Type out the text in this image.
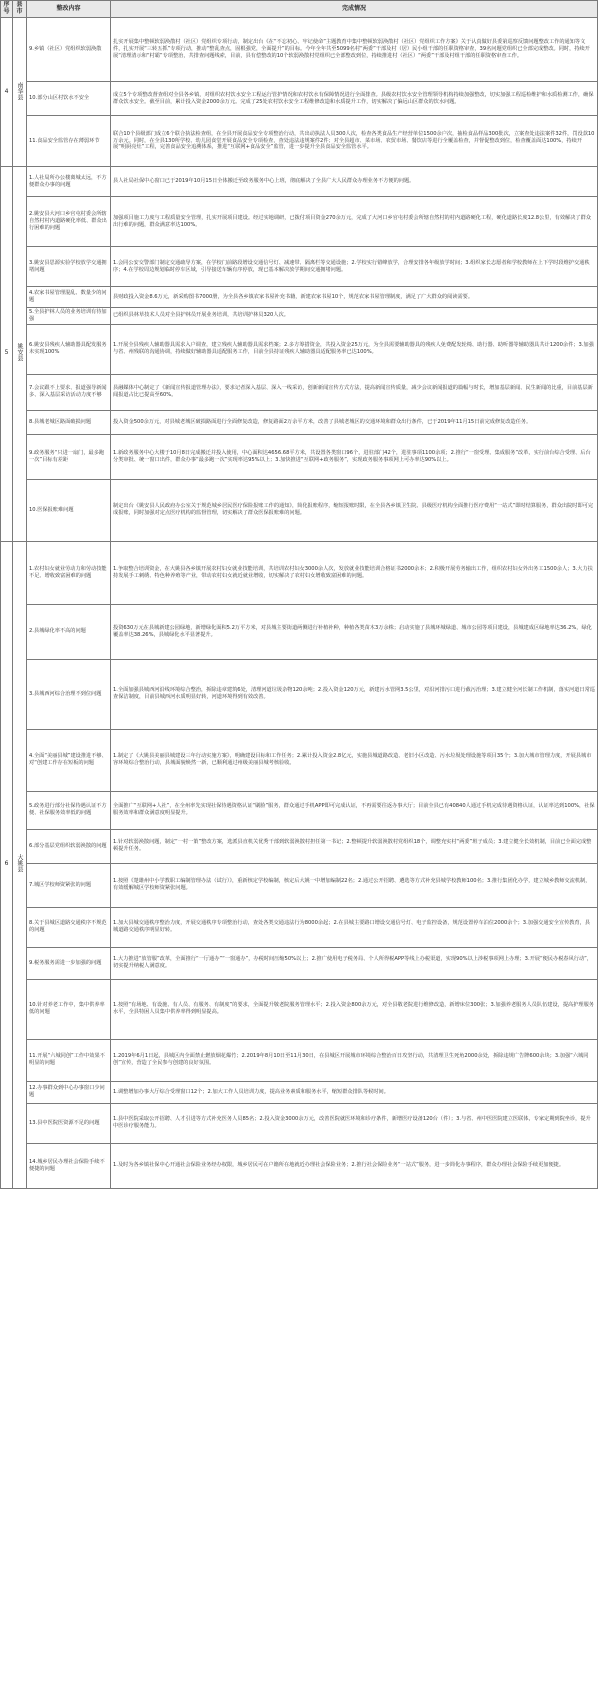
序号	县市	整改内容	完成情况
4	南华县	9.乡镇（社区）党组织软弱涣散	扎实开展集中整顿软弱涣散村（社区）党组织专项行动，制定出台《在“不忘初心、牢记使命”主题教育中集中整顿软弱涣散村（社区）党组织工作方案》关于认真做好县委第巡察反馈问题整改工作的通知等文件，扎实开展“三转五抓”专项行动，推动“整乱查点，固根强党，全面提升”的目标。今年全年共至5099名村“两委”干部及村（居）民小组干部的任职资格审查，39名问题党组织已全部完成整改。同时，持续开展“清理清示和“村霸”专项整治，共排查问题线索，目前，县有偿整改的10个软弱涣散村党组织已全部整改到位，持续推进村（社区）“两委”干部及村组干部的任职资格审查工作。
		10.部分山区村饮水不安全	成立5个专项整改督查组对全县各乡镇，对组织农村饮水安全工程运行管护情况和农村饮水有保障情况进行全面排查。县级农村饮水安全管理领导机构持续加强整改，切实加强工程巡检维护和水质检测工作，确保群众饮水安全。截至目前，累计投入资金2000余万元。完成了25处农村饮水安全工程维修改造和水质提升工作，切实解决了偏远山区群众的饮水问题。
		11.食品安全监管存在薄弱环节	联合10个县级部门成立6个联合执法检查组，在全县开展食品安全专项整治行动，共出动执法人员300人次，检查各类食品生产经营单位1500余户次，抽检食品样品300批次，立案查处违法案件32件，罚没款10万余元。同时，在全县130所学校、幼儿园食堂开展食品安全专项检查，查处违法违规案件2件；对全县超市、菜市场、农贸市场、餐饮店等进行全覆盖检查，并督促整改到位，检查覆盖面达100%，持续开展“明厨亮灶”工程，完善食品安全追溯体系，推进“互联网+食品安全”监管，进一步提升全县食品安全监管水平。
5	姚安县	1.人社局所办公楼离城太远，不方便群众办事的问题	县人社局社保中心窗口已于2019年10月15日全体搬迁至政务服务中心上班，彻底解决了全县广大人民群众办理业务不方便的问题。
		2.姚安县大河口乡官屯村委会所辖自然村村内道路硬化率低、群众出行困难的问题	加强项目施工力度与工程质量安全管理，扎实开展项目建设。经过实地调研，已拨付项目资金270余万元，完成了大河口乡官屯村委会所辖自然村的村内道路硬化工程，硬化道路长度12.8公里，有效解决了群众出行难的问题，群众满意率达100%。
		3.姚安县思源实验学校放学交通拥堵问题	1.会同公安交警部门制定交通疏导方案，在学校门前路段增设交通信号灯、减速带、隔离栏等交通设施；2.学校实行错峰放学，合理安排各年级放学时间；3.组织家长志愿者和学校教师在上下学时段维护交通秩序；4.在学校周边规划临时停车区域，引导接送车辆有序停放，现已基本解决放学期间交通拥堵问题。
		4.农家书屋管理混乱、数量少的问题	县财政投入资金8.6万元，新采购图书7000册，为全县各乡镇农家书屋补充书籍，新建农家书屋10个，规范农家书屋管理制度，满足了广大群众的阅读需要。
		5.全县护林人员的业务培训有待加强	已组织县林草技术人员对全县护林员开展业务培训，共培训护林员320人次。
		6.姚安县残疾人辅助器具配发服务未实现100%	1.开展全县残疾人辅助器具需求入户调查，建立残疾人辅助器具需求档案；2.多方筹措资金，共投入资金25万元，为全县需要辅助器具的残疾人免费配发轮椅、助行器、助听器等辅助器具共计1200余件；3.加强与省、州残联的沟通协调，持续做好辅助器具适配服务工作，目前全县持证残疾人辅助器具适配服务率已达100%。
		7.会议跟不上要求、报道强导新闻多、深入基层采访活动力度不够	县融媒体中心制定了《新闻宣传报道管理办法》，要求记者深入基层、深入一线采访，创新新闻宣传方式方法，提高新闻宣传质量，减少会议新闻报道的篇幅与时长，增加基层新闻、民生新闻的比重，目前基层新闻报道占比已提高至60%。
		8.县城老城区路面破损问题	投入资金500余万元，对县城老城区破损路面进行全面修复改造，修复路面2万余平方米，改善了县城老城区的交通环境和群众出行条件，已于2019年11月15日前完成修复改造任务。
		9.政务服务“只进一扇门，最多跑一次”目标有差距	1.新政务服务中心大楼于10月8日完成搬迁并投入使用，中心面积达4656.68平方米，共设置各类窗口96个，进驻部门42个，进驻事项1100余项；2.推行“一窗受理、集成服务”改革，实行前台综合受理、后台分类审批、统一窗口出件，群众办事“最多跑一次”实现率达95%以上；3.加快推进“互联网+政务服务”，实现政务服务事项网上可办率达90%以上。
		10.医保报账难问题	制定出台《姚安县人民政府办公室关于规范城乡居民医疗保险报账工作的通知》，简化报账程序，缩短报账时限，在全县各乡镇卫生院、县级医疗机构全面推行医疗费用“一站式”即时结算服务，群众出院时即可完成报账，同时加强对定点医疗机构的监督管理，切实解决了群众医保报账难的问题。
6	大姚县	1.农村妇女就业劳动力和劳动技能不足、增收致富困难的问题	1.争取整合培训资金，在大姚县各乡镇开展农村妇女就业技能培训，共培训农村妇女3000余人次，发放就业技能培训合格证书2000余本；2.积极开展劳务输出工作，组织农村妇女外出务工1500余人；3.大力扶持发展手工刺绣、特色种养殖等产业，带动农村妇女就近就业增收，切实解决了农村妇女增收致富困难的问题。
		2.县城绿化率不高的问题	投资630万元在县城新建公园绿地，新增绿化面积5.2万平方米，对县城主要街道两侧进行补植补种，种植各类苗木3万余株；启动实施了县城环城绿道、城市公园等项目建设，县城建成区绿地率达36.2%，绿化覆盖率达38.26%，县城绿化水平显著提升。
		3.县城西河综合治理不到位问题	1.全面加强县城西河沿线环境综合整治，拆除违章建筑6处，清理河道垃圾杂物120余吨；2.投入资金120万元，新建污水管网3.5公里，对沿河排污口进行截污治理；3.建立健全河长制工作机制，落实河道日常巡查保洁制度，目前县城西河水质明显好转，河道环境得到有效改善。
		4.全面“美丽县城”建设推进不够、对“创建工作存在短板的问题	1.制定了《大姚县美丽县城建设三年行动实施方案》，明确建设目标和工作任务；2.累计投入资金2.8亿元，实施县城道路改造、老旧小区改造、污水垃圾处理设施等项目35个；3.加大城市管理力度，开展县城市容环境综合整治行动，县城面貌焕然一新，已顺利通过州级美丽县城考核验收。
		5.政务进行部分社保待遇认证不方便、社保服务效率低的问题	全面推广“互联网+人社”，在全州率先实现社保待遇资格认证“刷脸”服务，群众通过手机APP即可完成认证，不再需要往返办事大厅；目前全县已有40840人通过手机完成待遇资格认证，认证率达到100%，社保服务效率和群众满意度明显提升。
		6.部分基层党组织软弱涣散的问题	1.针对软弱涣散问题，制定“一村一策”整改方案，选派县直机关优秀干部到软弱涣散村担任第一书记；2.整顿提升软弱涣散村党组织18个，调整充实村“两委”班子成员；3.建立健全长效机制，目前已全面完成整顿提升任务。
		7.城区学校师资紧张的问题	1.按照《楚雄州中小学教职工编制管理办法（试行）》，重新核定学校编制，核定后大姚一中增加编制22名；2.通过公开招聘、遴选等方式补充县城学校教师100名；3.推行集团化办学，建立城乡教师交流机制，有效缓解城区学校师资紧张问题。
		8.关于县城区道路交通秩序不规范的问题	1.加大县城交通秩序整治力度，开展交通秩序专项整治行动，查处各类交通违法行为8000余起；2.在县城主要路口增设交通信号灯、电子监控设备，规范设置停车泊位2000余个；3.加强交通安全宣传教育，县城道路交通秩序明显好转。
		9.税务服务需进一步加强的问题	1.大力推进“放管服”改革，全面推行“一厅通办”“一窗通办”，办税时间压缩50%以上；2.推广使用电子税务局、个人所得税APP等线上办税渠道，实现90%以上涉税事项网上办理；3.开展“便民办税春风行动”，切实提升纳税人满意度。
		10.针对养老工作中，集中供养率低的问题	1.按照“有场地、有设施、有人员、有服务、有制度”的要求，全面提升敬老院服务管理水平；2.投入资金800余万元，对全县敬老院进行维修改造，新增床位300张；3.加强养老服务人员队伍建设，提高护理服务水平，全县特困人员集中供养率得到明显提高。
		11.开展“六城同创”工作中效果不明显的问题	1.2019年6月1日起，县城区内全面禁止燃放烟花爆竹；2.2019年8月10日至11月30日，在县城区开展城市环境综合整治百日攻坚行动，共清理卫生死角2000余处，拆除违规广告牌600余块；3.加强“六城同创”宣传，营造了全民参与创建的良好氛围。
		12.办事群众到中心办事窗口少问题	1.调整增加办事大厅综合受理窗口12个；2.加大工作人员培训力度，提高业务素质和服务水平，缩短群众排队等候时间。
		13.县中医院医资源不足的问题	1.县中医院采取公开招聘、人才引进等方式补充医务人员85名；2.投入资金3000余万元，改善医院就医环境和诊疗条件，新增医疗设备120台（件）；3.与省、州中医医院建立医联体，专家定期到院坐诊，提升中医诊疗服务能力。
		14.城乡居民办理社会保险手续不便捷的问题	1.及时为各乡镇社保中心开通社会保险业务经办权限，城乡居民可在户籍所在地就近办理社会保险业务；2.推行社会保险业务“一站式”服务，进一步简化办事程序，群众办理社会保险手续更加便捷。
